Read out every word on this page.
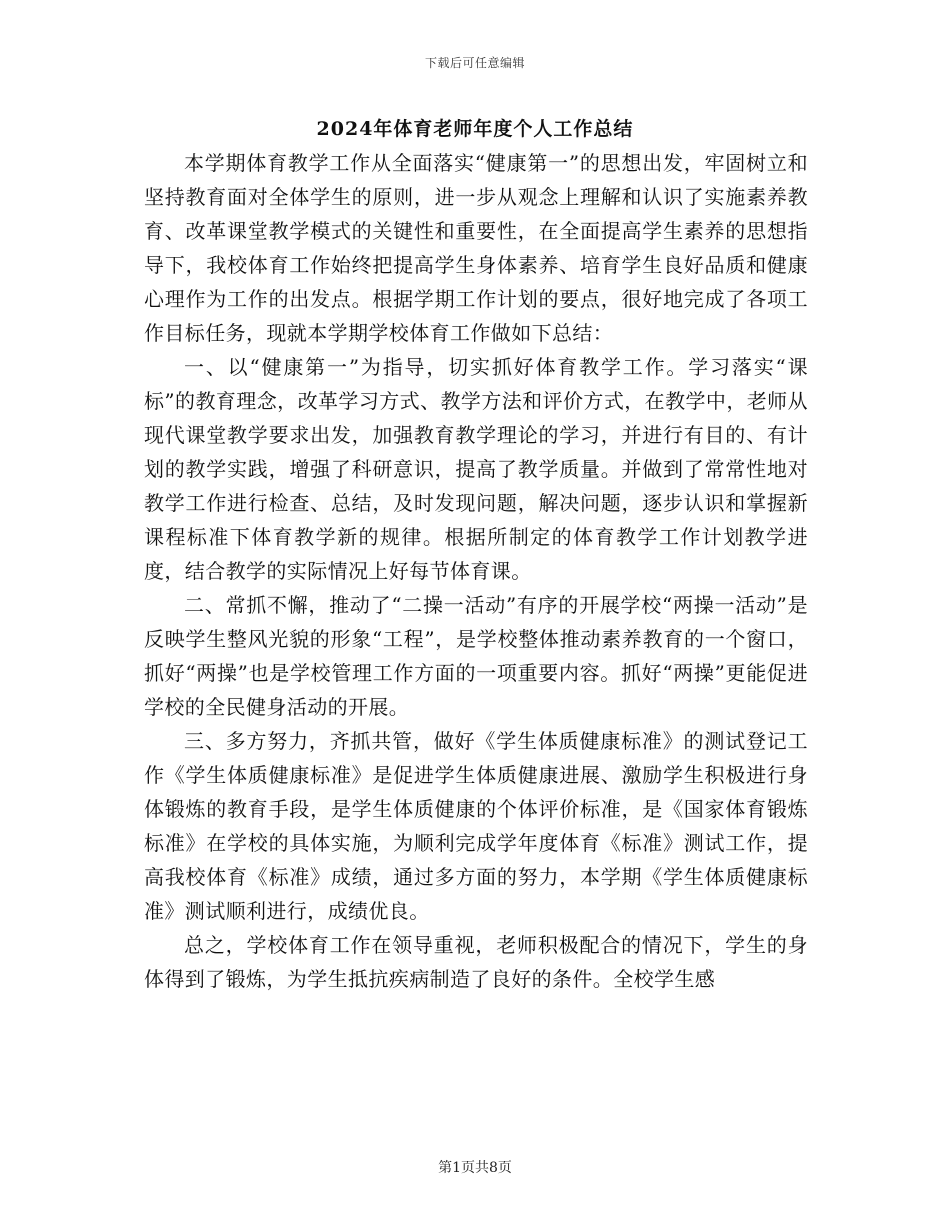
下载后可任意编辑
2024年体育老师年度个人工作总结

本学期体育教学工作从全面落实“健康第一”的思想出发，牢固树立和坚持教育面对全体学生的原则，进一步从观念上理解和认识了实施素养教育、改革课堂教学模式的关键性和重要性，在全面提高学生素养的思想指导下，我校体育工作始终把提高学生身体素养、培育学生良好品质和健康心理作为工作的出发点。根据学期工作计划的要点，很好地完成了各项工作目标任务，现就本学期学校体育工作做如下总结：

一、以“健康第一”为指导，切实抓好体育教学工作。学习落实“课标”的教育理念，改革学习方式、教学方法和评价方式，在教学中，老师从现代课堂教学要求出发，加强教育教学理论的学习，并进行有目的、有计划的教学实践，增强了科研意识，提高了教学质量。并做到了常常性地对教学工作进行检查、总结，及时发现问题，解决问题，逐步认识和掌握新课程标准下体育教学新的规律。根据所制定的体育教学工作计划教学进度，结合教学的实际情况上好每节体育课。

二、常抓不懈，推动了“二操一活动”有序的开展学校“两操一活动”是反映学生整风光貌的形象“工程”，是学校整体推动素养教育的一个窗口，抓好“两操”也是学校管理工作方面的一项重要内容。抓好“两操”更能促进学校的全民健身活动的开展。

三、多方努力，齐抓共管，做好《学生体质健康标准》的测试登记工作《学生体质健康标准》是促进学生体质健康进展、激励学生积极进行身体锻炼的教育手段，是学生体质健康的个体评价标准，是《国家体育锻炼标准》在学校的具体实施，为顺利完成学年度体育《标准》测试工作，提高我校体育《标准》成绩，通过多方面的努力，本学期《学生体质健康标准》测试顺利进行，成绩优良。

总之，学校体育工作在领导重视，老师积极配合的情况下，学生的身体得到了锻炼，为学生抵抗疾病制造了良好的条件。全校学生感

第1页共8页
